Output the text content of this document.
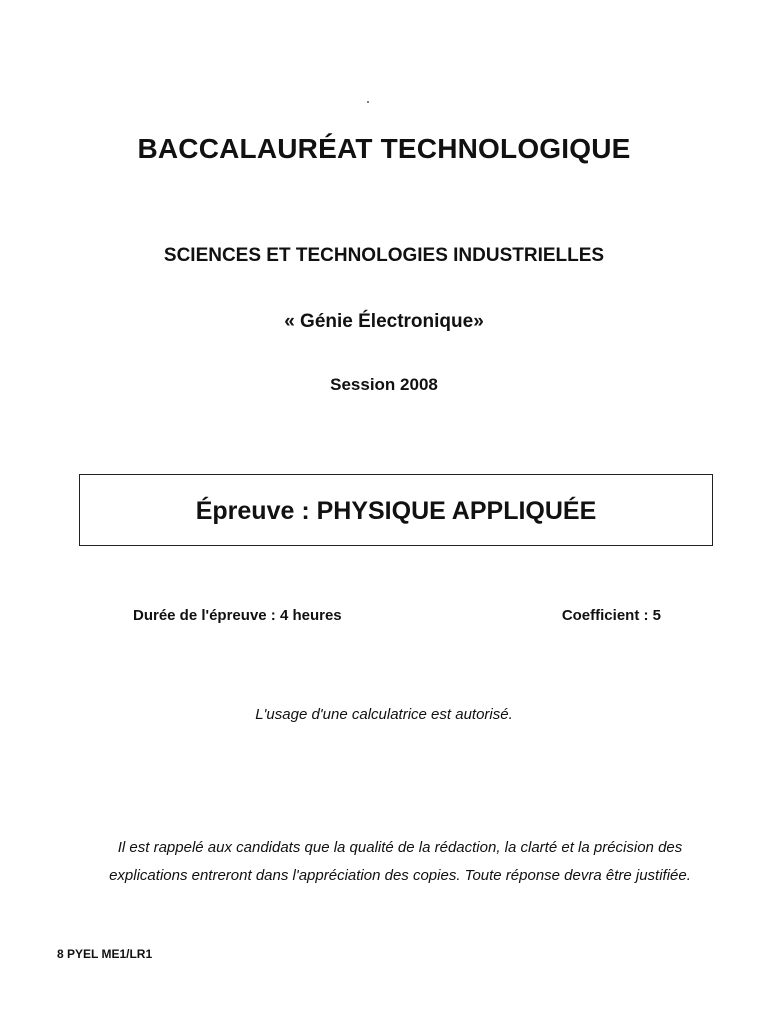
BACCALAURÉAT TECHNOLOGIQUE
SCIENCES ET TECHNOLOGIES INDUSTRIELLES
« Génie Électronique»
Session 2008
Épreuve : PHYSIQUE APPLIQUÉE
Durée de l'épreuve : 4 heures	Coefficient : 5
L'usage d'une calculatrice est autorisé.
Il est rappelé aux candidats que la qualité de la rédaction, la clarté et la précision des
explications entreront dans l'appréciation des copies. Toute réponse devra être justifiée.
8 PYEL ME1/LR1
